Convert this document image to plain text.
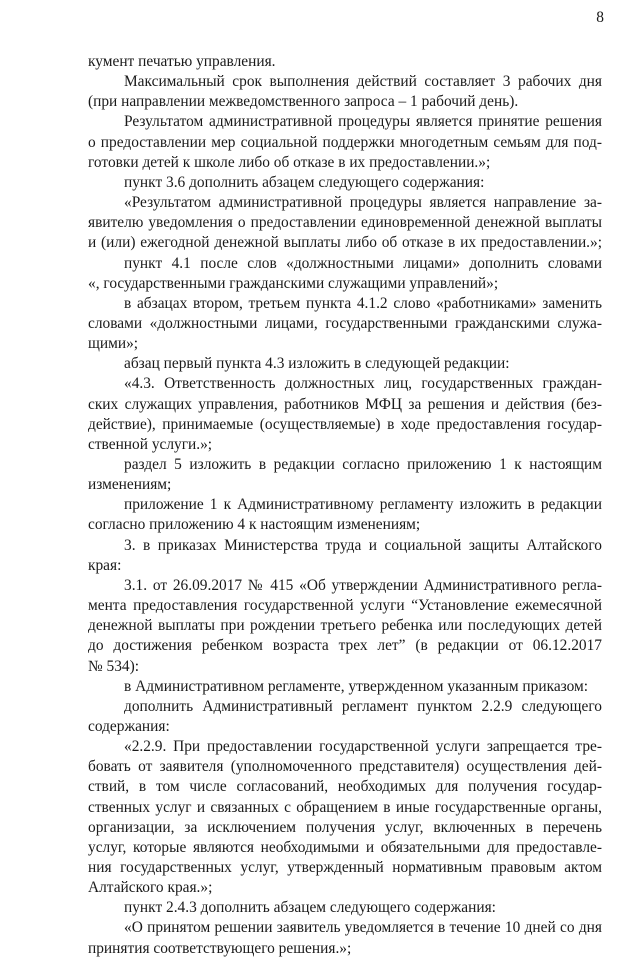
8
кумент печатью управления.
Максимальный срок выполнения действий составляет 3 рабочих дня
(при направлении межведомственного запроса – 1 рабочий день).
Результатом административной процедуры является принятие решения
о предоставлении мер социальной поддержки многодетным семьям для под-
готовки детей к школе либо об отказе в их предоставлении.»;
пункт 3.6 дополнить абзацем следующего содержания:
«Результатом административной процедуры является направление за-
явителю уведомления о предоставлении единовременной денежной выплаты
и (или) ежегодной денежной выплаты либо об отказе в их предоставлении.»;
пункт 4.1 после слов «должностными лицами» дополнить словами
«, государственными гражданскими служащими управлений»;
в абзацах втором, третьем пункта 4.1.2 слово «работниками» заменить
словами «должностными лицами, государственными гражданскими служа-
щими»;
абзац первый пункта 4.3 изложить в следующей редакции:
«4.3. Ответственность должностных лиц, государственных граждан-
ских служащих управления, работников МФЦ за решения и действия (без-
действие), принимаемые (осуществляемые) в ходе предоставления государ-
ственной услуги.»;
раздел 5 изложить в редакции согласно приложению 1 к настоящим
изменениям;
приложение 1 к Административному регламенту изложить в редакции
согласно приложению 4 к настоящим изменениям;
3. в приказах Министерства труда и социальной защиты Алтайского
края:
3.1. от 26.09.2017 № 415 «Об утверждении Административного регла-
мента предоставления государственной услуги “Установление ежемесячной
денежной выплаты при рождении третьего ребенка или последующих детей
до достижения ребенком возраста трех лет” (в редакции от 06.12.2017
№ 534):
в Административном регламенте, утвержденном указанным приказом:
дополнить Административный регламент пунктом 2.2.9 следующего
содержания:
«2.2.9. При предоставлении государственной услуги запрещается тре-
бовать от заявителя (уполномоченного представителя) осуществления дей-
ствий, в том числе согласований, необходимых для получения государ-
ственных услуг и связанных с обращением в иные государственные органы,
организации, за исключением получения услуг, включенных в перечень
услуг, которые являются необходимыми и обязательными для предоставле-
ния государственных услуг, утвержденный нормативным правовым актом
Алтайского края.»;
пункт 2.4.3 дополнить абзацем следующего содержания:
«О принятом решении заявитель уведомляется в течение 10 дней со дня
принятия соответствующего решения.»;
